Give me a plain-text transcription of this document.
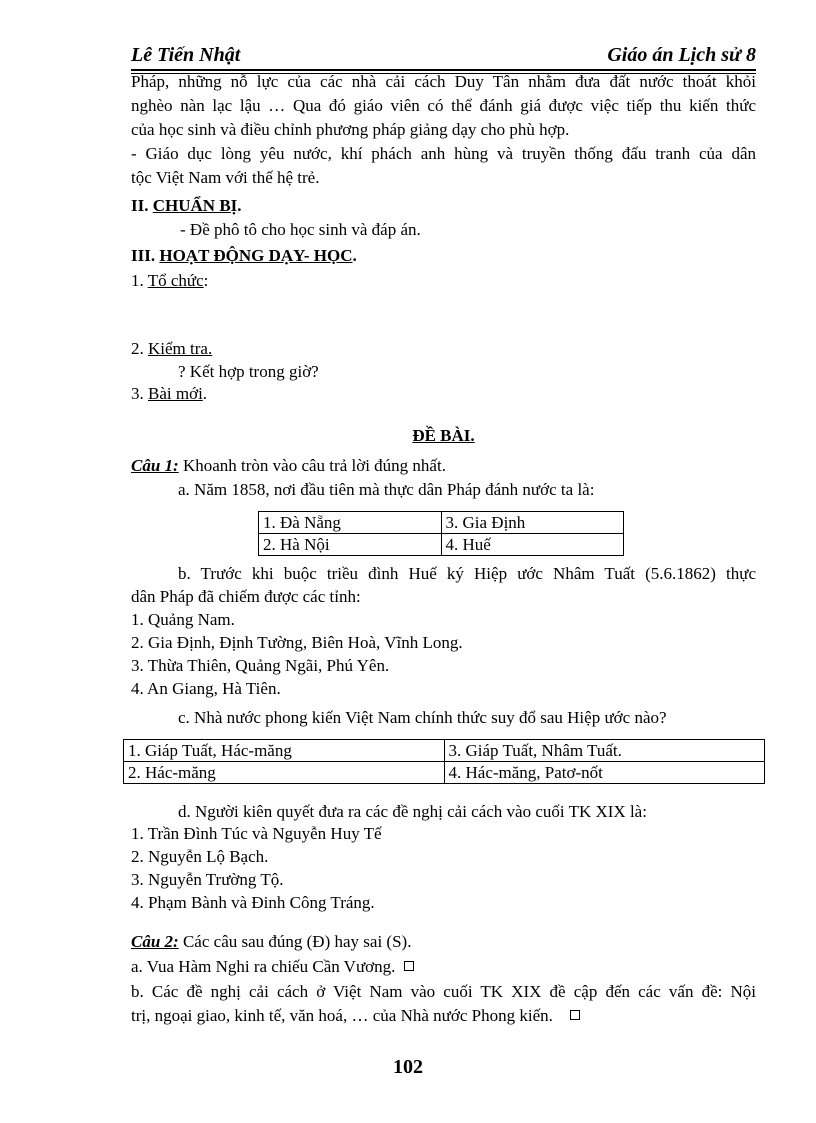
Lê Tiến Nhật	Giáo án Lịch sử 8
Pháp, những nỗ lực của các nhà cải cách Duy Tân nhằm đưa đất nước thoát khỏi
nghèo nàn lạc lậu … Qua đó giáo viên có thể đánh giá được việc tiếp thu kiến thức
của học sinh và điều chỉnh phương pháp giảng dạy cho phù hợp.
- Giáo dục lòng yêu nước, khí phách anh hùng và truyền thống đấu tranh của dân
tộc Việt Nam với thế hệ trẻ.
II. CHUẨN BỊ.
- Đề phô tô cho học sinh và đáp án.
III. HOẠT ĐỘNG DẠY- HỌC.
1. Tổ chức:
2. Kiểm tra.
? Kết hợp trong giờ?
3. Bài mới.
ĐỀ BÀI.
Câu 1: Khoanh tròn vào câu trả lời đúng nhất.
a. Năm 1858, nơi đầu tiên mà thực dân Pháp đánh nước ta là:
1. Đà Nẵng	3. Gia Định
2. Hà Nội	4. Huế
b. Trước khi buộc triều đình Huế ký Hiệp ước Nhâm Tuất (5.6.1862) thực
dân Pháp đã chiếm được các tỉnh:
1. Quảng Nam.
2. Gia Định, Định Tường, Biên Hoà, Vĩnh Long.
3. Thừa Thiên, Quảng Ngãi, Phú Yên.
4. An Giang, Hà Tiên.
c. Nhà nước phong kiến Việt Nam chính thức suy đổ sau Hiệp ước nào?
1. Giáp Tuất, Hác-măng	3. Giáp Tuất, Nhâm Tuất.
2. Hác-măng	4. Hác-măng, Patơ-nốt
d. Người kiên quyết đưa ra các đề nghị cải cách vào cuối TK XIX là:
1. Trần Đình Túc và Nguyễn Huy Tế
2. Nguyễn Lộ Bạch.
3. Nguyễn Trường Tộ.
4. Phạm Bành và Đinh Công Tráng.
Câu 2: Các câu sau đúng (Đ) hay sai (S).
a. Vua Hàm Nghi ra chiếu Cần Vương.
b. Các đề nghị cải cách ở Việt Nam vào cuối TK XIX đề cập đến các vấn đề: Nội
trị, ngoại giao, kinh tế, văn hoá, … của Nhà nước Phong kiến.
102
